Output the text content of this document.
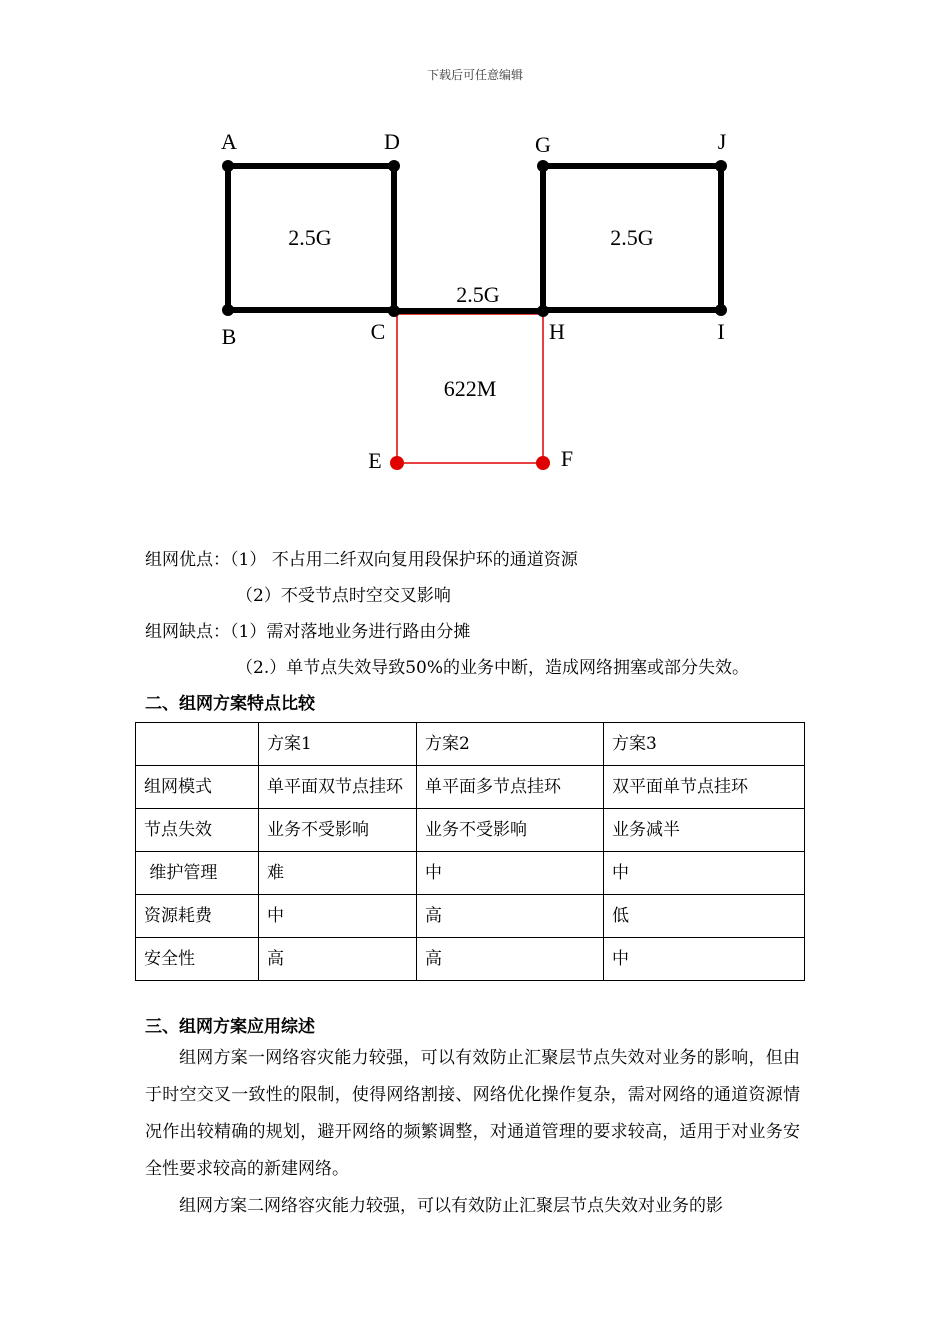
下载后可任意编辑
A	D	G	J
B	C	H	I
E	F
2.5G	2.5G
2.5G
622M
组网优点：（1） 不占用二纤双向复用段保护环的通道资源
（2）不受节点时空交叉影响
组网缺点：（1）需对落地业务进行路由分摊
（2.）单节点失效导致50%的业务中断，造成网络拥塞或部分失效。
二、组网方案特点比较
	方案1	方案2	方案3
组网模式	单平面双节点挂环	单平面多节点挂环	双平面单节点挂环
节点失效	业务不受影响	业务不受影响	业务减半
维护管理	难	中	中
资源耗费	中	高	低
安全性	高	高	中
三、组网方案应用综述
组网方案一网络容灾能力较强，可以有效防止汇聚层节点失效对业务的影响，但由于时空交叉一致性的限制，使得网络割接、网络优化操作复杂，需对网络的通道资源情况作出较精确的规划，避开网络的频繁调整，对通道管理的要求较高，适用于对业务安全性要求较高的新建网络。
组网方案二网络容灾能力较强，可以有效防止汇聚层节点失效对业务的影
